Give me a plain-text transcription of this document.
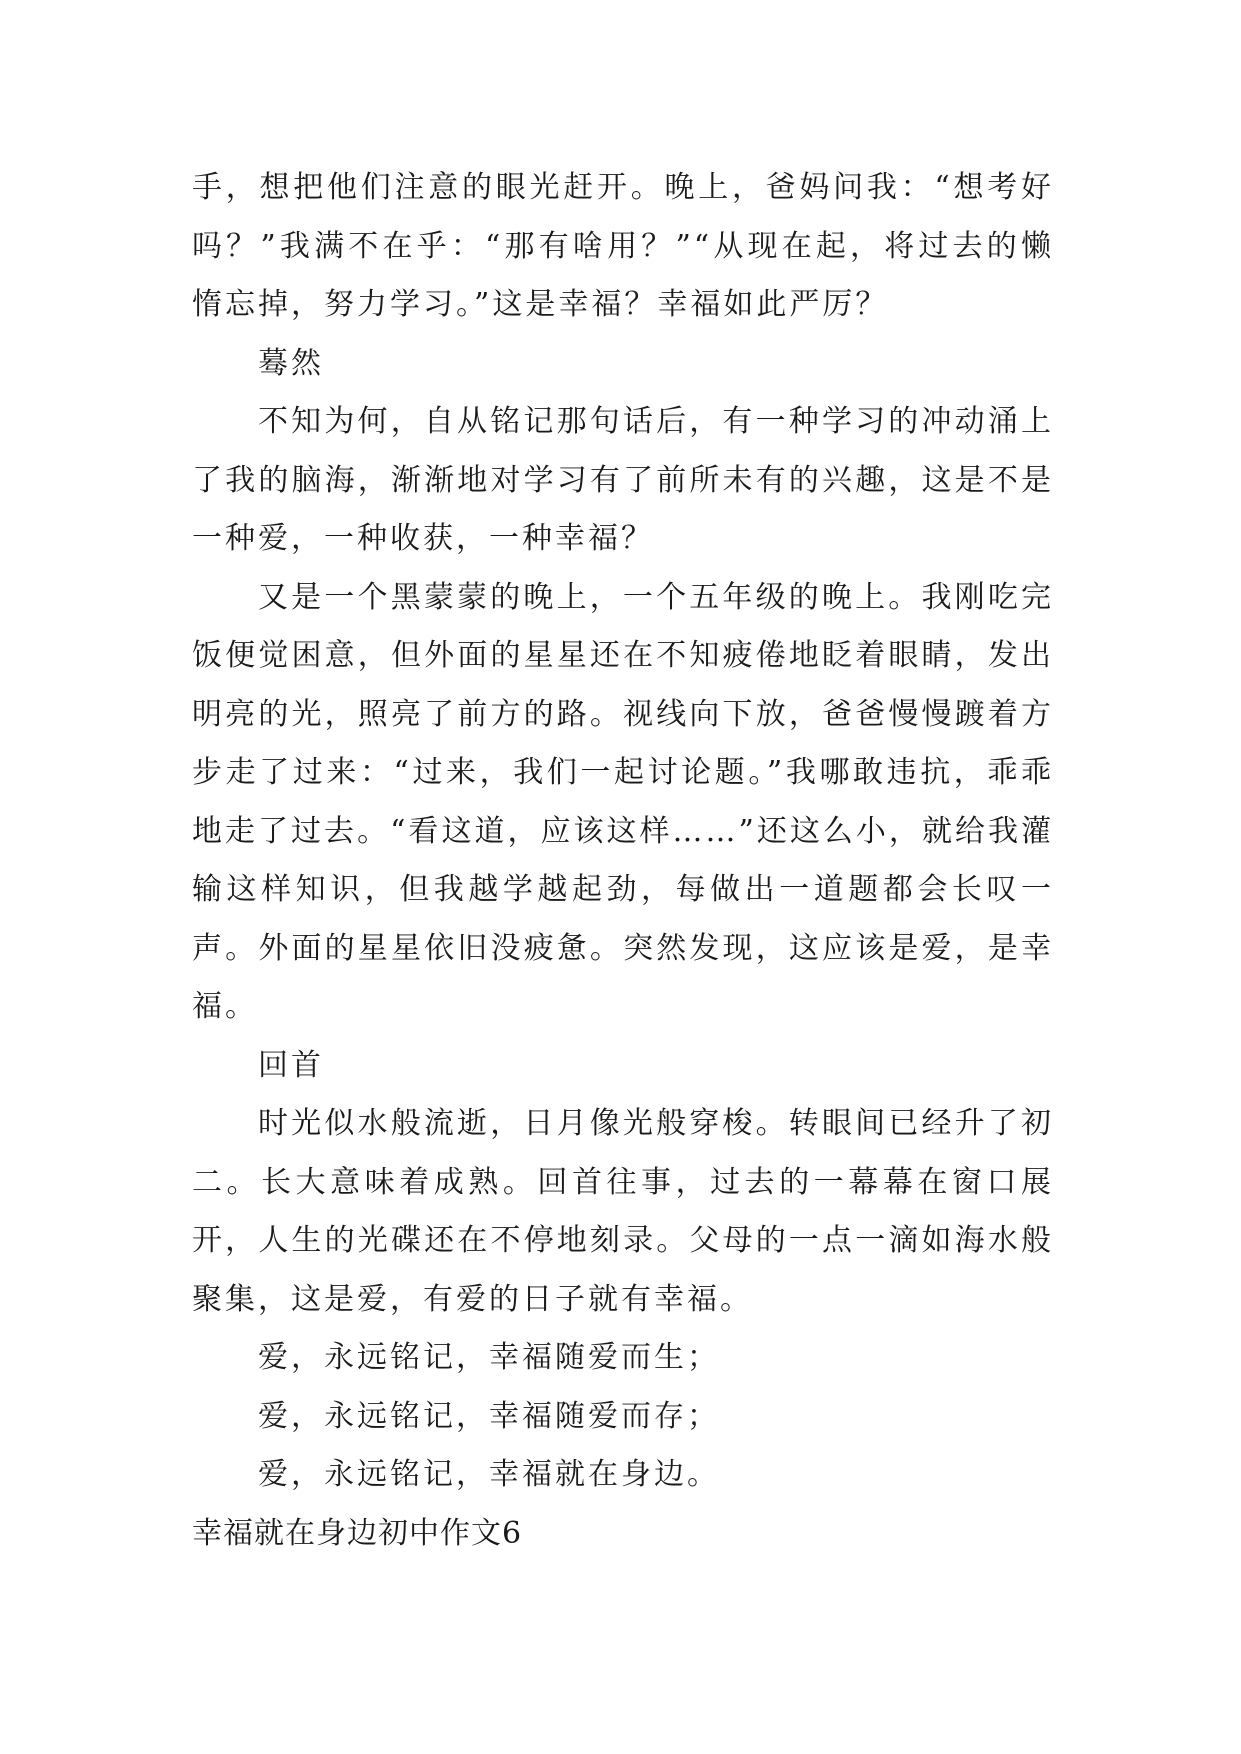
手，想把他们注意的眼光赶开。晚上，爸妈问我：“想考好吗？”我满不在乎：“那有啥用？”“从现在起，将过去的懒惰忘掉，努力学习。”这是幸福？幸福如此严厉？

蓦然

不知为何，自从铭记那句话后，有一种学习的冲动涌上了我的脑海，渐渐地对学习有了前所未有的兴趣，这是不是一种爱，一种收获，一种幸福？

又是一个黑蒙蒙的晚上，一个五年级的晚上。我刚吃完饭便觉困意，但外面的星星还在不知疲倦地眨着眼睛，发出明亮的光，照亮了前方的路。视线向下放，爸爸慢慢踱着方步走了过来：“过来，我们一起讨论题。”我哪敢违抗，乖乖地走了过去。“看这道，应该这样……”还这么小，就给我灌输这样知识，但我越学越起劲，每做出一道题都会长叹一声。外面的星星依旧没疲惫。突然发现，这应该是爱，是幸福。

回首

时光似水般流逝，日月像光般穿梭。转眼间已经升了初二。长大意味着成熟。回首往事，过去的一幕幕在窗口展开，人生的光碟还在不停地刻录。父母的一点一滴如海水般聚集，这是爱，有爱的日子就有幸福。

爱，永远铭记，幸福随爱而生；

爱，永远铭记，幸福随爱而存；

爱，永远铭记，幸福就在身边。

幸福就在身边初中作文6
